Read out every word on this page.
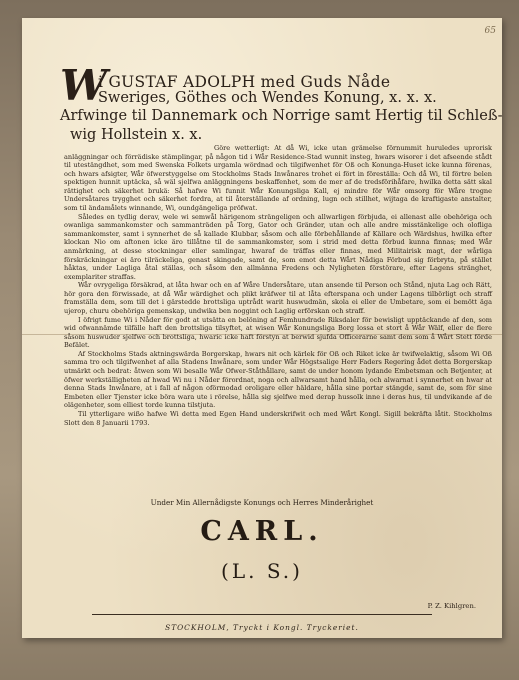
65
W
i GUSTAF ADOLPH med Guds Nåde
Sweriges, Göthes och Wendes Konung, x. x. x.
Arfwinge til Dannemark och Norrige samt Hertig til Schleß-
wig Hollstein x. x.

Göre wetterligt: At då Wi, icke utan grämelse förnummit huruledes uprorisk anläggningar och förrädiske stämplingar, på någon tid i Wår Residence-Stad wunnit insteg, hwars wisorer i det afseende stådt til utestängdhet, som med Swenska Folkets urgamla wördnad och tilgifwenhet för Oß och Konunga-Huset icke kunna förenas, och hwars afsigter, Wår öfwerstyggelse om Stockholms Stads Inwånares trohet ei fört in föreställa: Och då Wi, til förtre belen spektigen hunnit uptäcka, så wäl sjelfwa anläggningens beskaffenhet, som de mer af de tredsförihåfare, hwilka detta sätt skal rättighet och säkerhet brukä: Så hafwe Wi funnit Wår Konungsliga Kall, ej mindre för Wår omsorg för Wåre trogne Undersåtares trygghet och säkerhet fordra, at til återställande af ordning, lugn och stillhet, wijtaga de kraftigaste anstalter, som til ändamålets winnande, Wi, oundgängeliga pröfwat.

Således en tydlig derav, wele wi semwål härigenom strängeligen och allwarligen förbjuda, ei allenast alle obehöriga och owanliga sammankomster och sammanträden på Torg, Gator och Gränder, utan och alle andre misstänkelige och olofliga sammankomster, samt i synnerhet de så kallade Klubbar, såsom och alle förbehållande af Källare och Wärdshus, hwilka efter klockan Nio om aftonen icke äro tillåtne til de sammankomster, som i strid med detta förbud kunna finnas; med Wår anmärkning, at desse stockningar eller samlingar, hwaraf de träffas eller finnas, med Militairisk magt, der wårliga förskräckningar ei äro tilräckeliga, genast skingade, samt de, som emot detta Wårt Nådiga Förbud sig förbryta, på stället håktas, under Lagliga åtal ställas, och såsom den allmänna Fredens och Nyligheten förstörare, efter Lagens stränghet, exemplariter straffas.

Wår ovrygeliga försäkrad, at låta hwar och en af Wåre Undersåtare, utan ansende til Person och Stånd, njuta Lag och Rätt, hör gora den förwissade, at då Wår wärdighet och plikt kräfwer til at låta efterspana och under Lagens tilbörligt och straff framställa dem, som till det i gärstedde brottsliga uptrådt warit huswudmän, skola ei eller de Umbetare, som ei bemött äga ujerop, churu obehöriga gemenskap, undwika ben noggint och Laglig erförskan och straff.

I öfrigt fume Wi i Nåder för godt at utsätta en belöning af Femhundrade Riksdaler för bewisligt upptäckande af den, som wid ofwannämde tilfälle haft den brottsliga tilsyftet, at wisen Wår Konungsliga Borg lossa et stort å Wår Wälf, eller de flere såsom huswuder sjelfwe och brottsliga, hwaric icke haft förstyn at berwid sjufda Officerarne samt dem som å Wårt Stett förde Befälet.

Af Stockholms Stads aktningswärda Borgerskap, hwars nit och kärlek för Oß och Riket icke är twifwelaktig, såsom Wi Oß samma tro och tilgifwenhet af alla Stadens Inwånare, som under Wår Högstsalige Herr Faders Regering ådet detta Borgerskap utmärkt och bedrat: åtwen som Wi besalle Wår Ofwer-Ståthållare, samt de under honom lydande Embetsman och Betjenter, at öfwer werkställigheten af hwad Wi nu i Nåder förordnat, noga och allwarsamt hand hålla, och alwarnat i synnerhet en hwar at denna Stads Inwånare, at i fall af någon oförmodad oroligare eller häldare, hålla sine portar stängde, samt de, som för sine Embeten eller Tjenster icke böra wara ute i rörelse, hålla sig sjelfwe med derap hussolk inne i deras hus, til undvikande af de olägenheter, som elliest torde kunna tilstjuta.

Til ytterligare wißo hafwe Wi detta med Egen Hand underskrifwit och med Wårt Kongl. Sigill bekräfta låtit. Stockholms Slott den 8 Januarii 1793.

Under Min Allernådigste Konungs och Herres Minderårighet
CARL.
(L. S.)
P. Z. Kihlgren.
STOCKHOLM, Tryckt i Kongl. Tryckeriet.
